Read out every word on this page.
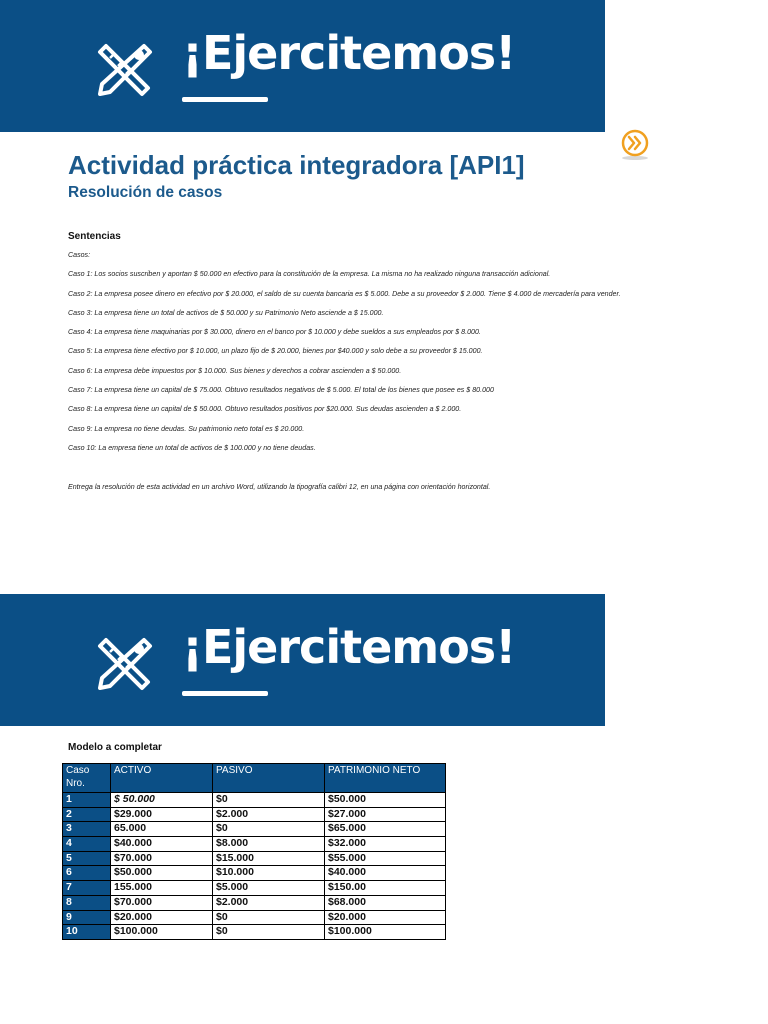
¡Ejercitemos!
Actividad práctica integradora [API1]
Resolución de casos
Sentencias
Casos:
Caso 1: Los socios suscriben y aportan $ 50.000 en efectivo para la constitución de la empresa. La misma no ha realizado ninguna transacción adicional.
Caso 2: La empresa posee dinero en efectivo por $ 20.000, el saldo de su cuenta bancaria es $ 5.000. Debe a su proveedor $ 2.000. Tiene $ 4.000 de mercadería para vender.
Caso 3: La empresa tiene un total de activos de $ 50.000 y su Patrimonio Neto asciende a $ 15.000.
Caso 4: La empresa tiene maquinarias por $ 30.000, dinero en el banco por $ 10.000 y debe sueldos a sus empleados por $ 8.000.
Caso 5: La empresa tiene efectivo por $ 10.000, un plazo fijo de $ 20.000, bienes por $40.000 y solo debe a su proveedor $ 15.000.
Caso 6: La empresa debe impuestos por $ 10.000. Sus bienes y derechos a cobrar ascienden a $ 50.000.
Caso 7: La empresa tiene un capital de $ 75.000. Obtuvo resultados negativos de $ 5.000. El total de los bienes que posee es $ 80.000
Caso 8: La empresa tiene un capital de $ 50.000. Obtuvo resultados positivos por $20.000. Sus deudas ascienden a $ 2.000.
Caso 9: La empresa no tiene deudas. Su patrimonio neto total es $ 20.000.
Caso 10: La empresa tiene un total de activos de $ 100.000 y no tiene deudas.
Entrega la resolución de esta actividad en un archivo Word, utilizando la tipografía calibri 12, en una página con orientación horizontal.
¡Ejercitemos!
Modelo a completar
Caso Nro.	ACTIVO	PASIVO	PATRIMONIO NETO
1	$ 50.000	$0	$50.000
2	$29.000	$2.000	$27.000
3	65.000	$0	$65.000
4	$40.000	$8.000	$32.000
5	$70.000	$15.000	$55.000
6	$50.000	$10.000	$40.000
7	155.000	$5.000	$150.00
8	$70.000	$2.000	$68.000
9	$20.000	$0	$20.000
10	$100.000	$0	$100.000
